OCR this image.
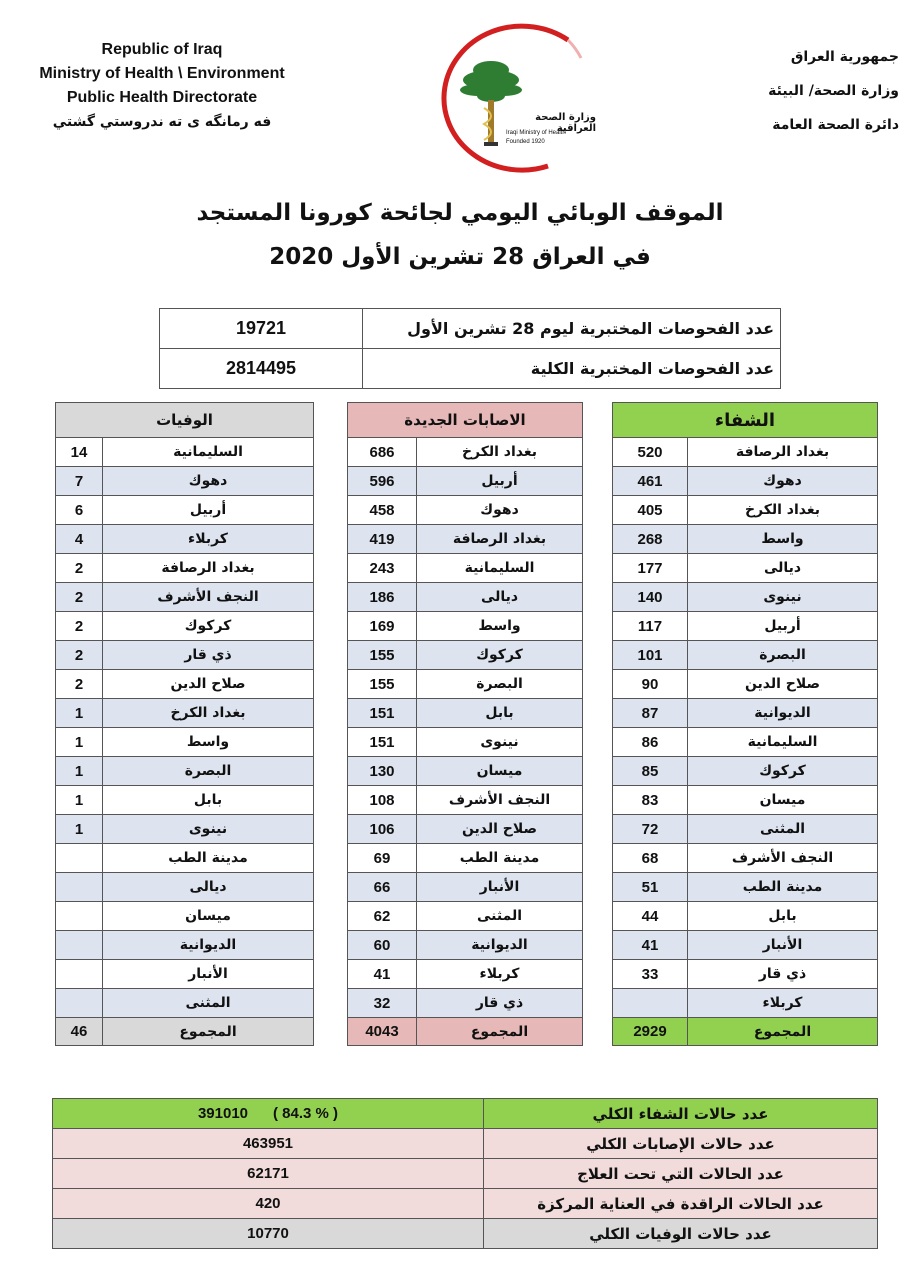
Republic of Iraq
Ministry of Health \ Environment
Public Health Directorate
فه رمانگه ی ته ندروستي گشتي
جمهورية العراق
وزارة الصحة/ البيئة
دائرة الصحة العامة
وزارة الصحة العراقية
Iraqi Ministry of Health
Founded 1920
الموقف الوبائي اليومي لجائحة كورونا المستجد
في العراق 28 تشرين الأول 2020
19721	عدد الفحوصات المختبرية ليوم 28 تشرين الأول
2814495	عدد الفحوصات المختبرية الكلية
الوفيات	
14	السليمانية
7	دهوك
6	أربيل
4	كربلاء
2	بغداد الرصافة
2	النجف الأشرف
2	كركوك
2	ذي قار
2	صلاح الدين
1	بغداد الكرخ
1	واسط
1	البصرة
1	بابل
1	نينوى
	مدينة الطب
	ديالى
	ميسان
	الديوانية
	الأنبار
	المثنى
46	المجموع
الاصابات الجديدة	
686	بغداد الكرخ
596	أربيل
458	دهوك
419	بغداد الرصافة
243	السليمانية
186	ديالى
169	واسط
155	كركوك
155	البصرة
151	بابل
151	نينوى
130	ميسان
108	النجف الأشرف
106	صلاح الدين
69	مدينة الطب
66	الأنبار
62	المثنى
60	الديوانية
41	كربلاء
32	ذي قار
4043	المجموع
الشفاء	
520	بغداد الرصافة
461	دهوك
405	بغداد الكرخ
268	واسط
177	ديالى
140	نينوى
117	أربيل
101	البصرة
90	صلاح الدين
87	الديوانية
86	السليمانية
85	كركوك
83	ميسان
72	المثنى
68	النجف الأشرف
51	مدينة الطب
44	بابل
41	الأنبار
33	ذي قار
	كربلاء
2929	المجموع
391010      ( 84.3 % )	عدد حالات الشفاء الكلي
463951	عدد حالات الإصابات الكلي
62171	عدد الحالات التي تحت العلاج
420	عدد الحالات الراقدة في العناية المركزة
10770	عدد حالات الوفيات الكلي
